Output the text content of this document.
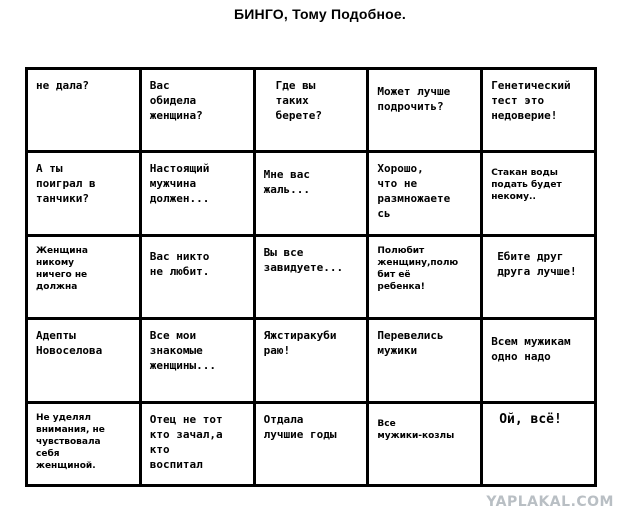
БИНГО, Тому Подобное.
не дала?	Вас
обидела
женщина?
Где вы
таких
берете?
Может лучше
подрочить?
Генетический
тест это
недоверие!
А ты
поиграл в
танчики?
Настоящий
мужчина
должен...
Мне вас
жаль...
Хорошо,
что не
размножаете
сь
Стакан воды
подать будет
некому..
Женщина
никому
ничего не
должна
Вас никто
не любит.
Вы все
завидуете...
Полюбит
женщину,полю
бит её
ребенка!
Ебите друг
друга лучше!
Адепты
Новоселова
Все мои
знакомые
женщины...
Яжстиракуби
раю!
Перевелись
мужики
Всем мужикам
одно надо
Не уделял
внимания, не
чувствовала
себя
женщиной.
Отец не тот
кто зачал,а
кто
воспитал
Отдала
лучшие годы
Все
мужики-козлы
Ой, всё!
YAPLAKAL.COM
